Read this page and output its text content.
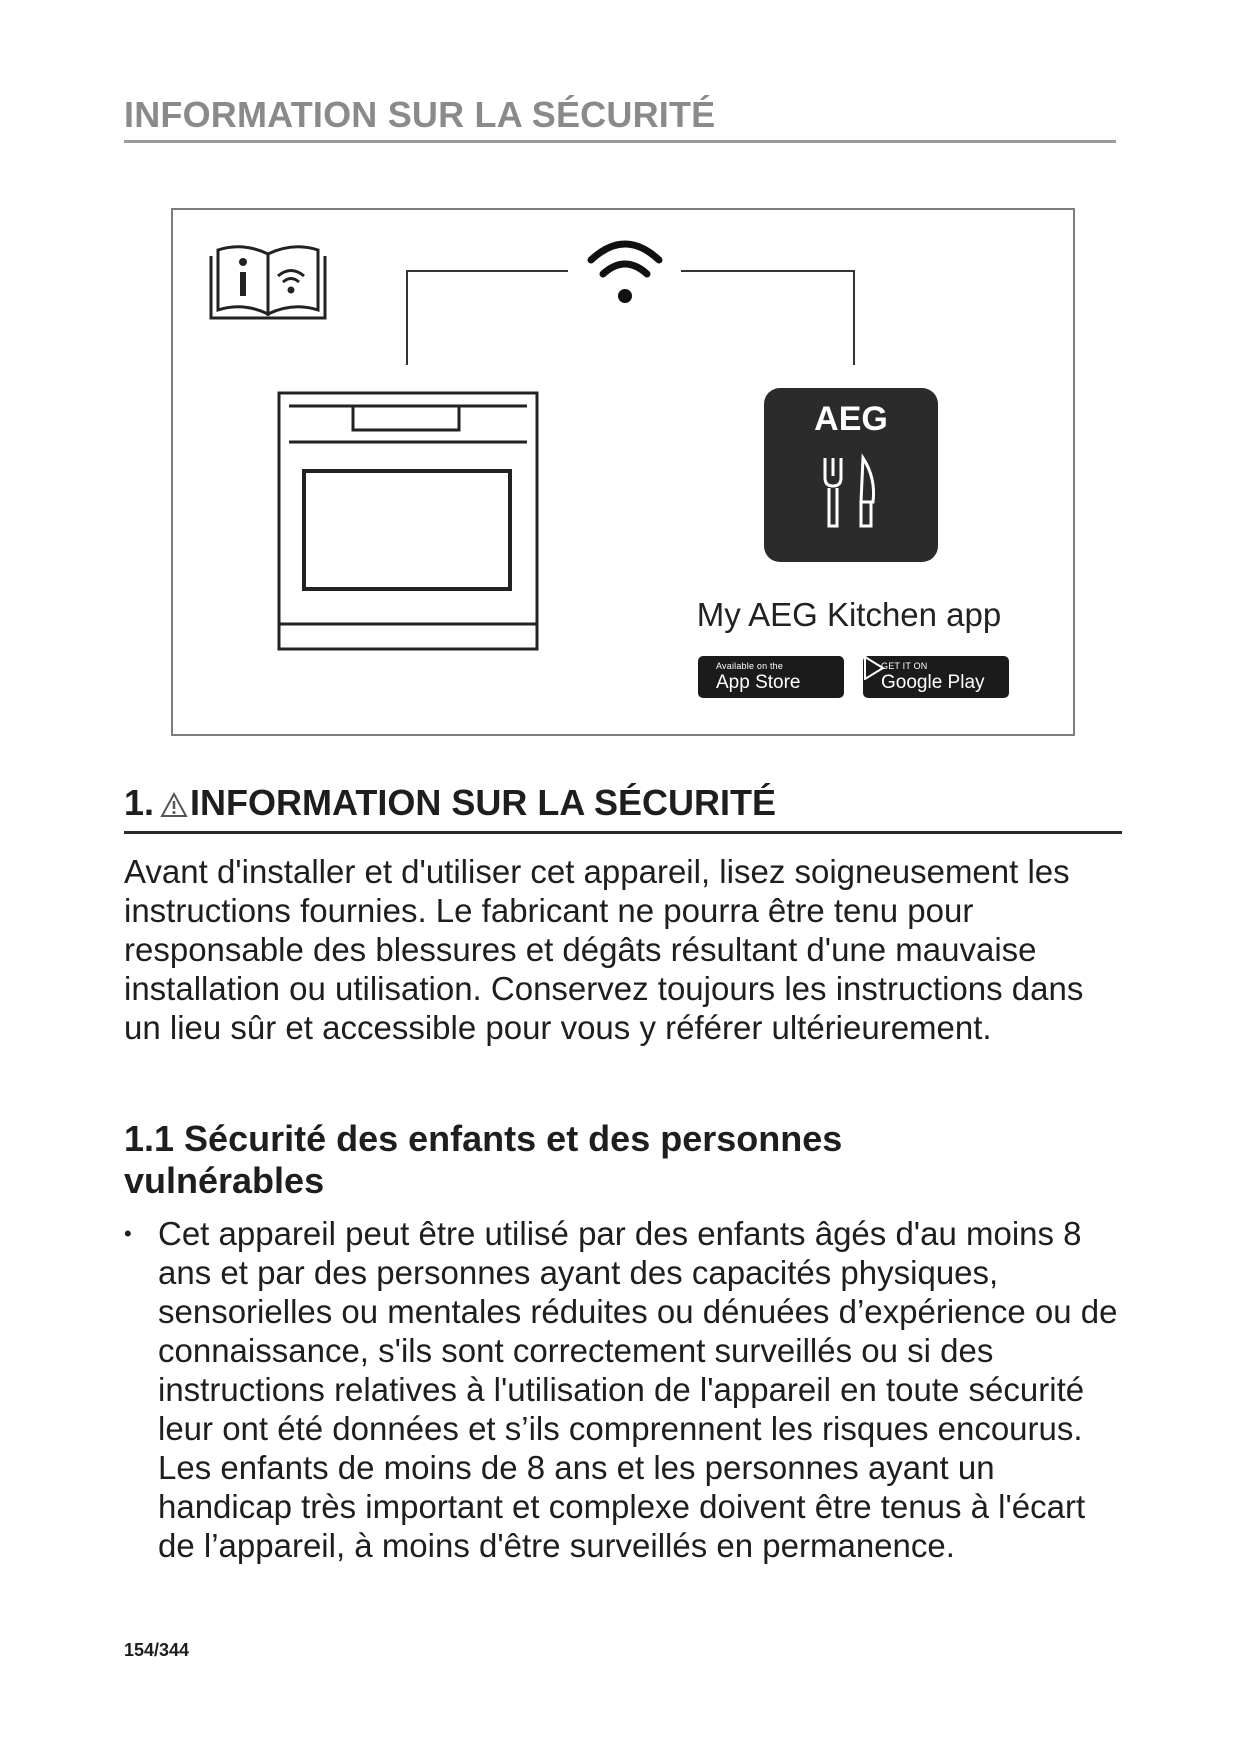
INFORMATION SUR LA SÉCURITÉ
AEG
My AEG Kitchen app
Available on the
App Store
GET IT ON
Google Play
1. INFORMATION SUR LA SÉCURITÉ

Avant d'installer et d'utiliser cet appareil, lisez soigneusement les instructions fournies. Le fabricant ne pourra être tenu pour responsable des blessures et dégâts résultant d'une mauvaise installation ou utilisation. Conservez toujours les instructions dans un lieu sûr et accessible pour vous y référer ultérieurement.

1.1 Sécurité des enfants et des personnes vulnérables
• Cet appareil peut être utilisé par des enfants âgés d'au moins 8 ans et par des personnes ayant des capacités physiques, sensorielles ou mentales réduites ou dénuées d’expérience ou de connaissance, s'ils sont correctement surveillés ou si des instructions relatives à l'utilisation de l'appareil en toute sécurité leur ont été données et s’ils comprennent les risques encourus. Les enfants de moins de 8 ans et les personnes ayant un handicap très important et complexe doivent être tenus à l'écart de l’appareil, à moins d'être surveillés en permanence.
154/344
